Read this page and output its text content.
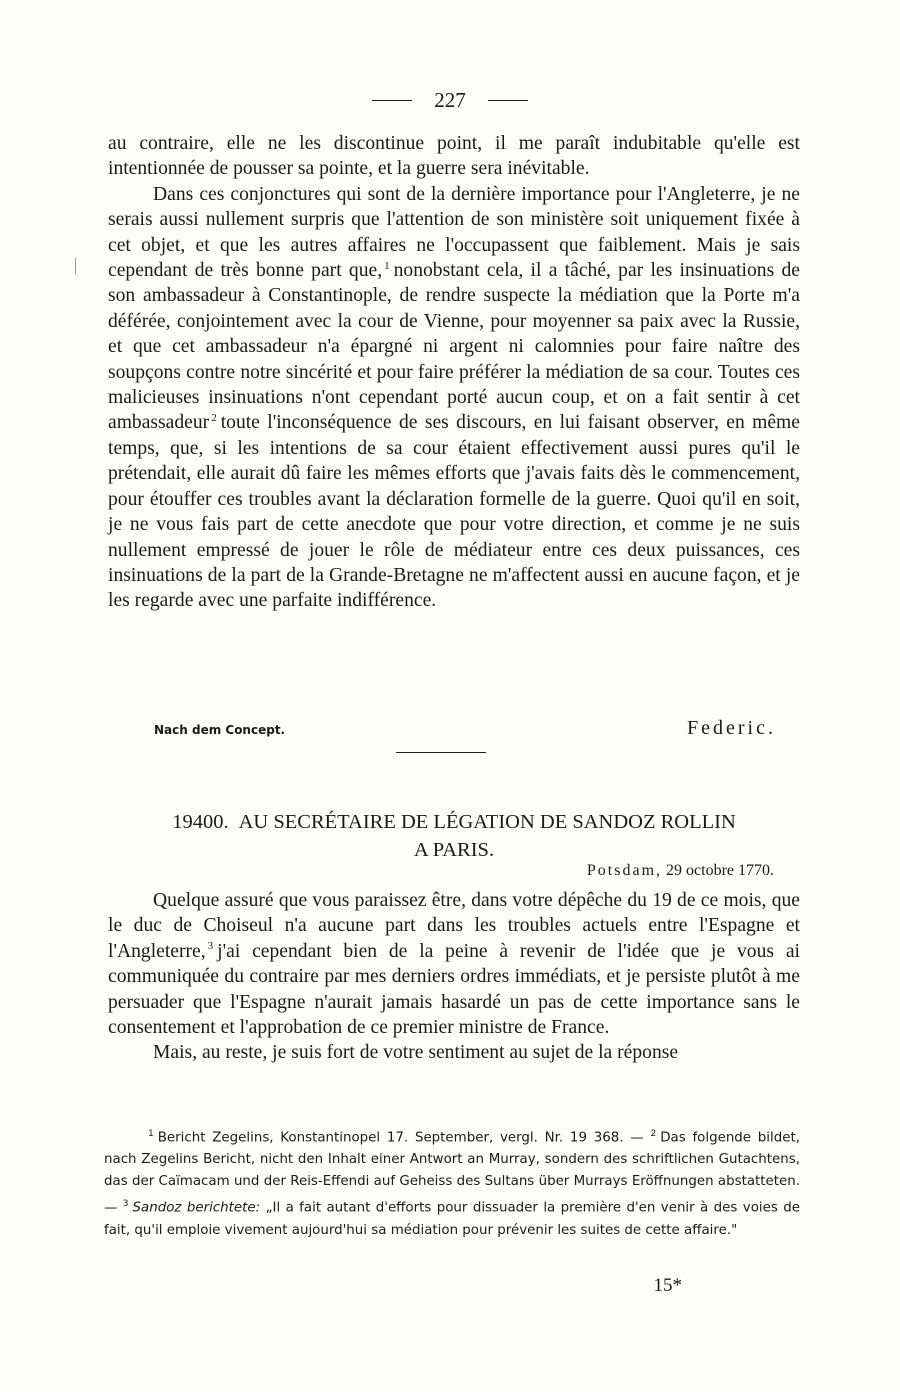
227

au contraire, elle ne les discontinue point, il me paraît indubitable qu'elle est intentionnée de pousser sa pointe, et la guerre sera inévitable.

Dans ces conjonctures qui sont de la dernière importance pour l'Angleterre, je ne serais aussi nullement surpris que l'attention de son ministère soit uniquement fixée à cet objet, et que les autres affaires ne l'occupassent que faiblement. Mais je sais cependant de très bonne part que, $^1$ nonobstant cela, il a tâché, par les insinuations de son ambassadeur à Constantinople, de rendre suspecte la médiation que la Porte m'a déférée, conjointement avec la cour de Vienne, pour moyenner sa paix avec la Russie, et que cet ambassadeur n'a épargné ni argent ni calomnies pour faire naître des soupçons contre notre sincérité et pour faire préférer la médiation de sa cour. Toutes ces malicieuses insinuations n'ont cependant porté aucun coup, et on a fait sentir à cet ambassadeur $^2$ toute l'inconséquence de ses discours, en lui faisant observer, en même temps, que, si les intentions de sa cour étaient effectivement aussi pures qu'il le prétendait, elle aurait dû faire les mêmes efforts que j'avais faits dès le commencement, pour étouffer ces troubles avant la déclaration formelle de la guerre. Quoi qu'il en soit, je ne vous fais part de cette anecdote que pour votre direction, et comme je ne suis nullement empressé de jouer le rôle de médiateur entre ces deux puissances, ces insinuations de la part de la Grande-Bretagne ne m'affectent aussi en aucune façon, et je les regarde avec une parfaite indifférence.

Nach dem Concept.	Federic.
19400. AU SECRÉTAIRE DE LÉGATION DE SANDOZ ROLLIN
A PARIS.
Potsdam, 29 octobre 1770.

Quelque assuré que vous paraissez être, dans votre dépêche du 19 de ce mois, que le duc de Choiseul n'a aucune part dans les troubles actuels entre l'Espagne et l'Angleterre, $^3$ j'ai cependant bien de la peine à revenir de l'idée que je vous ai communiquée du contraire par mes derniers ordres immédiats, et je persiste plutôt à me persuader que l'Espagne n'aurait jamais hasardé un pas de cette importance sans le consentement et l'approbation de ce premier ministre de France.

Mais, au reste, je suis fort de votre sentiment au sujet de la réponse

$^1$ Bericht Zegelins, Konstantinopel 17. September, vergl. Nr. 19 368. — $^2$ Das folgende bildet, nach Zegelins Bericht, nicht den Inhalt einer Antwort an Murray, sondern des schriftlichen Gutachtens, das der Caïmacam und der Reis-Effendi auf Geheiss des Sultans über Murrays Eröffnungen abstatteten. — $^3$ Sandoz berichtete: „Il a fait autant d'efforts pour dissuader la première d'en venir à des voies de fait, qu'il emploie vivement aujourd'hui sa médiation pour prévenir les suites de cette affaire."

15*
